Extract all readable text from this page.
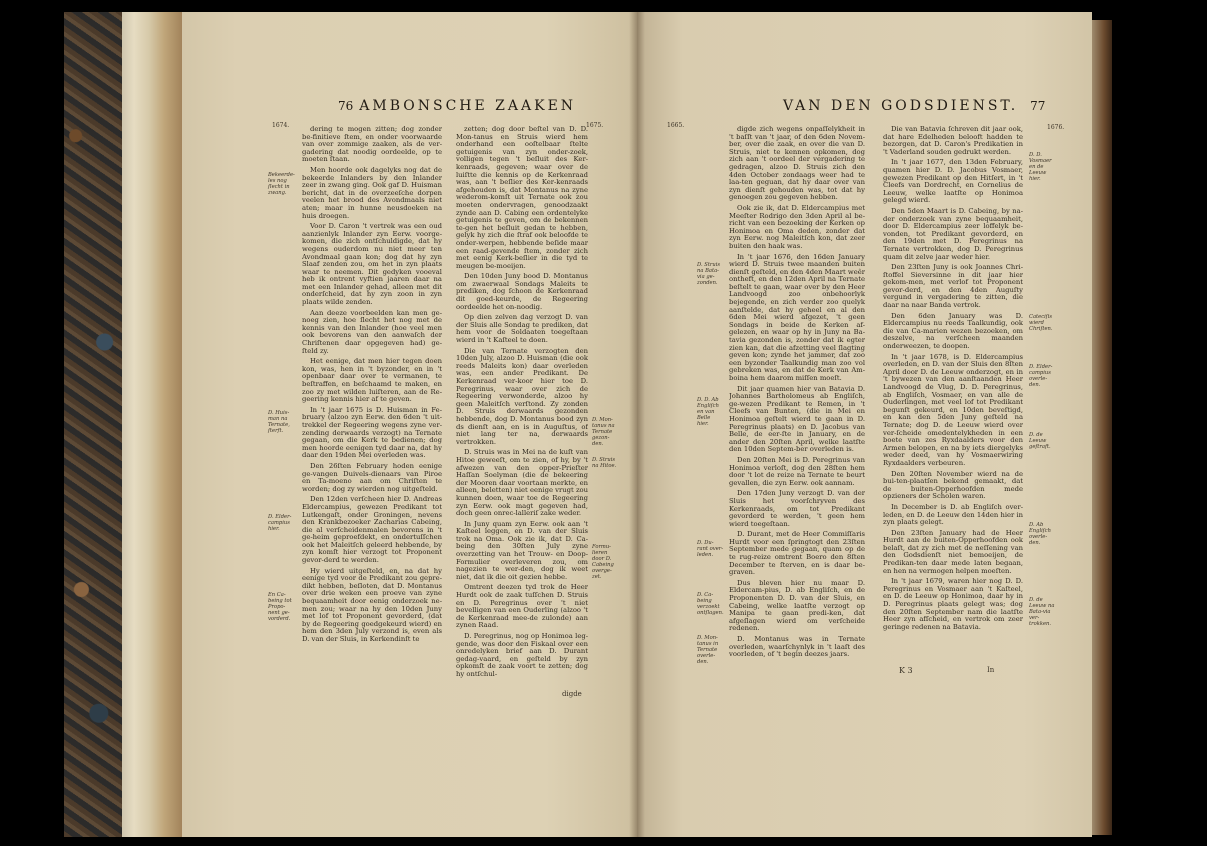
76 AMBONSCHE ZAAKEN
1674.	1675.

dering te mogen zitten; dog zonder be-finitieve ſtem, en onder voorwaarde van over zommige zaaken, als de ver-gadering dat noodig oordeelde, op te moeten ſtaan.

Men hoorde ook dagelyks nog dat de bekeerde Inlanders by den Inlander zeer in zwang ging. Ook gaf D. Huisman bericht, dat in de overzeeſche dorpen veelen het brood des Avondmaals niet aten; maar in hunne neusdoeken na huis droegen.

Voor D. Caron 't vertrek was een oud aanzienlyk Inlander zyn Eerw. voorge-komen, die zich ontſchuldigde, dat hy wegens ouderdom nu niet meer ten Avondmaal gaan kon; dog dat hy zyn Slaaf zenden zou, om het in zyn plaats waar te neemen. Dit gedyken vooeval heb ik ontrent vyftien jaaren daar na met een Inlander gehad, alleen met dit onderſcheid, dat hy zyn zoon in zyn plaats wilde zenden.

Aan deeze voorbeelden kan men ge-noeg zien, hoe ſlecht het nog met de kennis van den Inlander (hoe veel men ook bevorens van den aanwaſch der Chriſtenen daar opgegeven had) ge-ſteld zy.

Het eenige, dat men hier tegen doen kon, was, hen in 't byzonder, en in 't openbaar daar over te vermanen, te beſtraffen, en beſchaamd te maken, en zoo zy met wilden luiſteren, aan de Re-geering kennis hier af te geven.

In 't jaar 1675 is D. Huisman in Fe-bruary (alzoo zyn Eerw. den 6den 't uit-trekkel der Regeering wegens zyne ver-zending derwaards verzogt) na Ternate gegaan, om die Kerk te bedienen; dog men hoorde eenigen tyd daar na, dat hy daar den 19den Mei overleden was.

Den 26ſten February hoden eenige ge-vangen Duivels-dienaars van Piroe en Ta-moeno aan om Chriſten te worden; dog zy wierden nog uitgeſteld.

Den 12den verſcheen hier D. Andreas Eldercampius, gewezen Predikant tot Lutkengaſt, onder Groningen, nevens den Krankbezoeker Zacharias Cabeing, die al verſcheidenmalen bevorens in 't ge-heim geproefdekt, en ondertuſſchen ook het Maleitſch geleerd hebbende, by zyn komſt hier verzogt tot Proponent gevor-derd te werden.

Hy wierd uitgeſteld, en, na dat hy eenige tyd voor de Predikant zou gepre-dikt hebben, beſloten, dat D. Montanus over drie weken een proeve van zyne bequaamheit door eenig onderzoek ne-men zou; waar na hy den 10den Juny met lof tot Proponent gevorderd, (dat by de Regeering goedgekeurd wierd) en hem den 3den July verzond is, even als D. van der Sluis, in Kerkendinſt te

zetten; dog door beſtel van D. D. Mon-tanus en Struis wierd hem onderhand een ooſtelbaar ſtelte getuigenis van zyn onder-zoek, volligen tegen 't beſluit des Ker-kenraads, gegeven; waar over de luiſtte die kennis op de Kerkenraad was, aan 't beſlier des Ker-kenraads afgehouden is, dat Montanus na zyne wederom-komſt uit Ternate ook zou moeten ondervragen, genoodzaakt zynde aan D. Cabing een ordentelyke getuigenis te geven, om de bekennen te-gen het beſluit gedan te hebben, gelyk hy zich die ſtraf ook beloofde te onder-werpen, hebbende beſide maar een raad-gevende ſtem, zonder zich met eenig Kerk-beſlier in die tyd te meugen be-moeijen.

Den 10den Juny bood D. Montanus om zwaerwaal Sondags Maleits te prediken, dog ſchoon de Kerkenraad dit goed-keurde, de Regeering oordeelde het on-noodig.

Op dien zelven dag verzogt D. van der Sluis alle Sondag te prediken, dat hem voor de Soldaaten toegeſtaan wierd in 't Kaſteel te doen.

Die van Ternate verzogten den 10den July, alzoo D. Huisman (die ook reeds Maleits kon) daar overleden was, een ander Predikant. De Kerkenraad ver-koor hier toe D. Peregrinus, waar over zich de Regeering verwonderde, alzoo hy geen Maleitſch verſtond. Zy zonden D. Struis derwaards gezonden hebbende, dog D. Montanus bood zyn ds dienſt aan, en is in Auguſtus, of niet lang ter na, derwaards vertrokken.

D. Struis was in Mei na de kuſt van Hitoe geweeſt, om te zien, of hy, by 't afwezen van den opper-Prieſter Haſſan Soelyman (die de bekeering der Mooren daar voortaan merkte, en alleen, beletten) niet eenige vrugt zou kunnen doen, waar toe de Regeering zyn Eerw. ook magt gegeven had, doch geen onrec-lalleriſ zake weder.

In Juny quam zyn Eerw. ook aan 't Kaſteel leggen, en D. van der Sluis trok na Oma. Ook zie ik, dat D. Ca-being den 30ſten July zyne overzetting van het Trouw- en Doop-Formulier overleveren zou, om nagezien te wer-den, dog ik weet niet, dat ik die oit gezien hebbe.

Omtrent deezen tyd trok de Heer Hurdt ook de zaak tuſſchen D. Struis en D. Peregrinus over 't niet bevelligen van een Ouderling (alzoo 't de Kerkenraad mee-de zulonde) aan zynen Raad.

D. Peregrinus, nog op Honimoa leg-gende, was door den Fiskaal over een onredelyken brief aan D. Durant gedag-vaard, en geſteld by zyn opkomſt de zaak voort te zetten; dog hy ontſchul-

Bekeerde-les nog ſlecht in zwang.
D. Huis-man na Ternate, ſterft.
D. Elder-campius hier.
En Ca-being tot Propo-nent ge-vorderd.
D. Mon-tanus na Ternate gezon-den.
D. Struis na Hitoe.
Formu-lieren door D. Cabeing overge-zet.
digde
VAN DEN GODSDIENST. 77
1665.	1676.

digde zich wegens onpaſſelykheit in 't baſſt van 't jaar, of den 6den Novem-ber, over die zaak, en over die van D. Struis, niet te kennen opkomen, dog zich aan 't oordeel der vergadering te gedragen, alzoo D. Struis zich den 4den October zondaags weer had te laa-ten geguan, dat hy daar over van zyn dienſt gehouden was, tot dat hy genoegen zou gegeven hebben.

Ook zie ik, dat D. Eldercampius met Meeſter Rodrigo den 3den April al be-richt van een bezoeking der Kerken op Honimoa en Oma deden, zonder dat zyn Eerw. nog Maleitſch kon, dat zeer buiten den haak was.

In 't jaar 1676, den 16den January wierd D. Struis twee maanden buiten dienſt geſteld, en den 4den Maart weêr ontheft, en den 12den April na Ternate beſtelt te gaan, waar over by den Heer Landvoogd zoo onbehoorlyk bejegende, en zich verder zoo quelyk aanſtelde, dat hy geheel en al den 6den Mei wierd afgezet, 't geen Sondags in beide de Kerken af-gelezen, en waar op hy in Juny na Ba-tavia gezonden is, zonder dat ik egter zien kan, dat die afzetting veel ſlagting geven kon; zynde het jammer, dat zoo een byzonder Taalkundig man zoo vol gebreken was, en dat de Kerk van Am-boina hem daarom miſſen moeſt.

Dit jaar quamen hier van Batavia D. Johannes Bartholomeus ab Engliſch, ge-wezen Predikant te Remen, in 't Cleefs van Bunten, (die in Mei en Honimoa geſtelt wierd te gaan in D. Peregrinus plaats) en D. Jacobus van Belle, de eer-ſte in January, en de ander den 20ſten April, welke laatſte den 10den Septem-ber overleden is.

Den 20ſten Mei is D. Peregrinus van Honimoa verloſt, dog den 28ſten hem door 't lot de reize na Ternate te beurt gevallen, die zyn Eerw. ook aannam.

Den 17den Juny verzogt D. van der Sluis het voorſchryven des Kerkenraads, om tot Predikant gevorderd te werden, 't geen hem wierd toegeſtaan.

D. Durant, met de Heer Commiſſaris Hurdt voor een ſpringtogt den 23ſten September mede gegaan, quam op de te rug-reize omtrent Boero den 8ſten December te ſterven, en is daar be-graven.

Dus bleven hier nu maar D. Eldercam-pius, D. ab Engliſch, en de Proponenten D. D. van der Sluis, en Cabeing, welke laatſte verzogt op Manipa te gaan predi-ken, dat afgeſlagen wierd om verſcheide redenen.

D. Montanus was in Ternate overleden, waarſchynlyk in 't laaſt des voorleden, of 't begin deezes jaars.

Die van Batavia ſchreven dit jaar ook, dat hare Edelheden belooft hadden te bezorgen, dat D. Caron's Predikatien in 't Vaderland souden gedrukt werden.

In 't jaar 1677, den 13den February, quamen hier D. D. Jacobus Vosmaer, gewezen Predikant op den Hitſert, in 't Cleefs van Dordrecht, en Cornelius de Leeuw, welke laatſte op Honimoa gelegd wierd.

Den 5den Maart is D. Cabeing, by na-der onderzoek van zyne bequaamheit, door D. Eldercampius zeer loffelyk be-vonden, tot Predikant gevorderd, en den 19den met D. Peregrinus na Ternate vertrokken, dog D. Peregrinus quam dit zelve jaar weder hier.

Den 23ſten Juny is ook Joannes Chri-ſtoffel Sieversinne in dit jaar hier gekom-men, met verlof tot Proponent gevor-derd, en den 4den Auguſty vergund in vergadering te zitten, die daar na naar Banda vertrok.

Den 6den January was D. Eldercampius nu reeds Taalkundig, ook die van Ca-marien wezen bezoeken, om deszelve, na verſcheen maanden onderweezen, te doopen.

In 't jaar 1678, is D. Eldercampius overleden, en D. van der Sluis den 8ſten April door D. de Leeuw onderzogt, en in 't bywezen van den aanſtaanden Heer Landvoogd de Vlug, D. D. Peregrinus, ab Engliſch, Vosmaer, en van alle de Ouderlingen, met veel lof tot Predikant begunſt gekeurd, en 10den beveſtigd, en kan den 5den Juny geſteld na Ternate; dog D. de Leeuw wierd over ver-ſcheide omedentelykheden in een boete van zes Ryxdaalders voor den Armen belopen, en na by iets diergelyks weder deed, van hy Vosmaerwiring Ryxdaalders verbeuren.

Den 20ſten November wierd na de bui-ten-plaatſen bekend gemaakt, dat de buiten-Opperhoofden mede opzieners der Scholen waren.

In December is D. ab Engliſch over-leden, en D. de Leeuw den 14den hier in zyn plaats gelegt.

Den 23ſten January had de Heer Hurdt aan de buiten-Opperhoofden ook belaſt, dat zy zich met de neſſening van den Godsdienſt niet bemoeijen, de Predikan-ten daar mede laten begaan, en hen na vermogen helpen moeſten.

In 't jaar 1679, waren hier nog D. D. Peregrinus en Vosmaer aan 't Kaſteel, en D. de Leeuw op Honimoa, daar hy in D. Peregrinus plaats gelegt was; dog den 20ſten September nam die laatſte Heer zyn afſcheid, en vertrok om zeer geringe redenen na Batavia.

D. Struis na Bata-via ge-zonden.
D. D. Ab Engliſch en van Belle hier.
D. Du-rant over-leden.
D. Ca-being verzoekt ontſlagen.
D. Mon-tanus in Ternate overle-den.
D. D. Vosmaer en de Leeuw hier.
Cateciſis wierd Chriſten.
D. Elder-campius overle-den.
D. de Leeuw geſtraft.
D. Ab Engliſch overle-den.
D. de Leeuw na Bata-via ver-trokken.
K 3	In
